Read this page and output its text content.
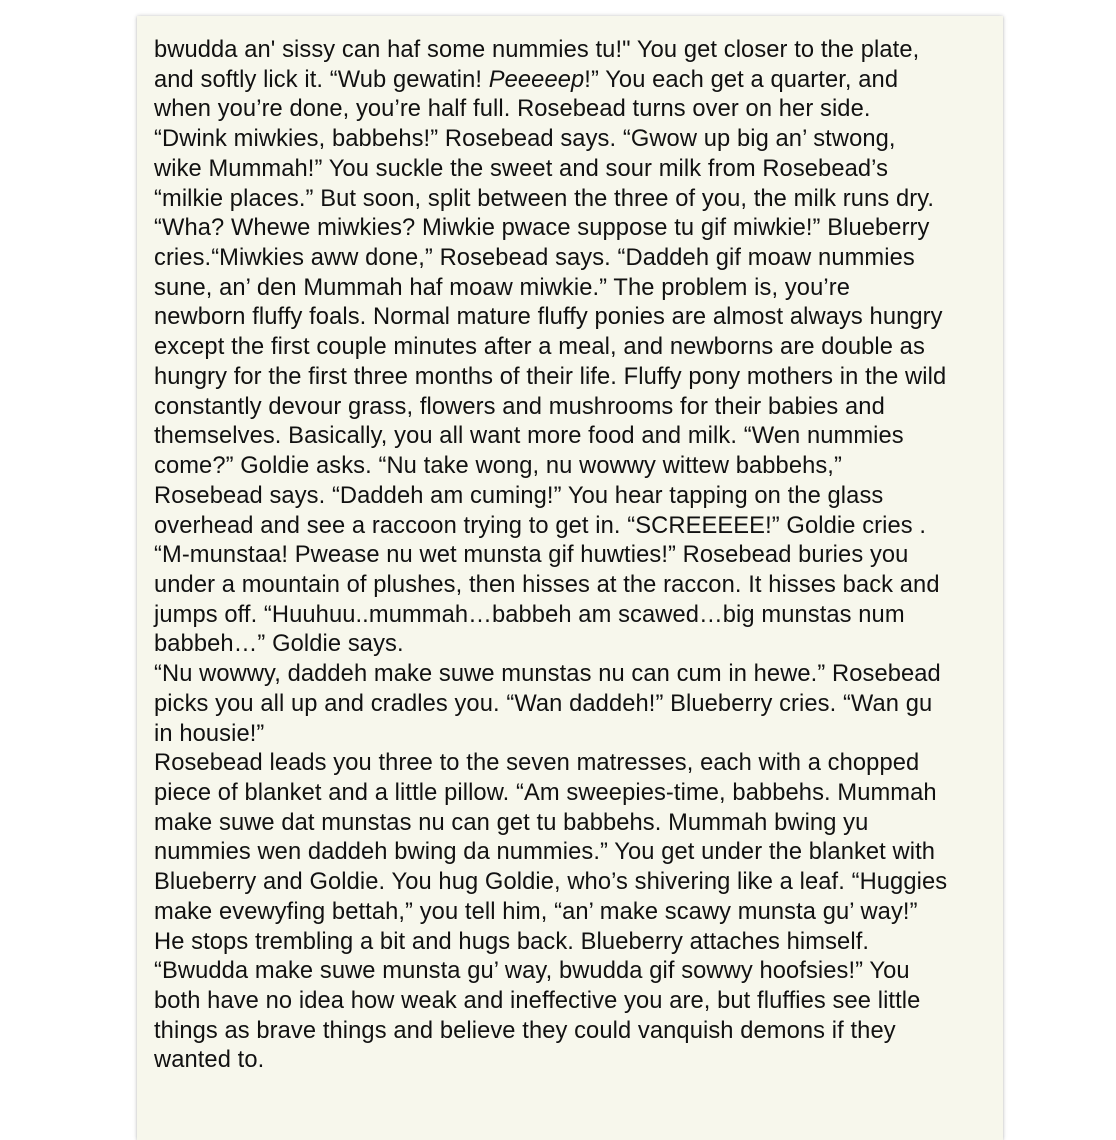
bwudda an' sissy can haf some nummies tu!" You get closer to the plate,
and softly lick it. “Wub gewatin! Peeeeep!” You each get a quarter, and
when you’re done, you’re half full. Rosebead turns over on her side.
“Dwink miwkies, babbehs!” Rosebead says. “Gwow up big an’ stwong,
wike Mummah!” You suckle the sweet and sour milk from Rosebead’s
“milkie places.” But soon, split between the three of you, the milk runs dry.
“Wha? Whewe miwkies? Miwkie pwace suppose tu gif miwkie!” Blueberry
cries.“Miwkies aww done,” Rosebead says. “Daddeh gif moaw nummies
sune, an’ den Mummah haf moaw miwkie.” The problem is, you’re
newborn fluffy foals. Normal mature fluffy ponies are almost always hungry
except the first couple minutes after a meal, and newborns are double as
hungry for the first three months of their life. Fluffy pony mothers in the wild
constantly devour grass, flowers and mushrooms for their babies and
themselves. Basically, you all want more food and milk. “Wen nummies
come?” Goldie asks. “Nu take wong, nu wowwy wittew babbehs,”
Rosebead says. “Daddeh am cuming!” You hear tapping on the glass
overhead and see a raccoon trying to get in. “SCREEEEE!” Goldie cries .
“M-munstaa! Pwease nu wet munsta gif huwties!” Rosebead buries you
under a mountain of plushes, then hisses at the raccon. It hisses back and
jumps off. “Huuhuu..mummah…babbeh am scawed…big munstas num
babbeh…” Goldie says.
“Nu wowwy, daddeh make suwe munstas nu can cum in hewe.” Rosebead
picks you all up and cradles you. “Wan daddeh!” Blueberry cries. “Wan gu
in housie!”
Rosebead leads you three to the seven matresses, each with a chopped
piece of blanket and a little pillow. “Am sweepies-time, babbehs. Mummah
make suwe dat munstas nu can get tu babbehs. Mummah bwing yu
nummies wen daddeh bwing da nummies.” You get under the blanket with
Blueberry and Goldie. You hug Goldie, who’s shivering like a leaf. “Huggies
make evewyfing bettah,” you tell him, “an’ make scawy munsta gu’ way!”
He stops trembling a bit and hugs back. Blueberry attaches himself.
“Bwudda make suwe munsta gu’ way, bwudda gif sowwy hoofsies!” You
both have no idea how weak and ineffective you are, but fluffies see little
things as brave things and believe they could vanquish demons if they
wanted to.
